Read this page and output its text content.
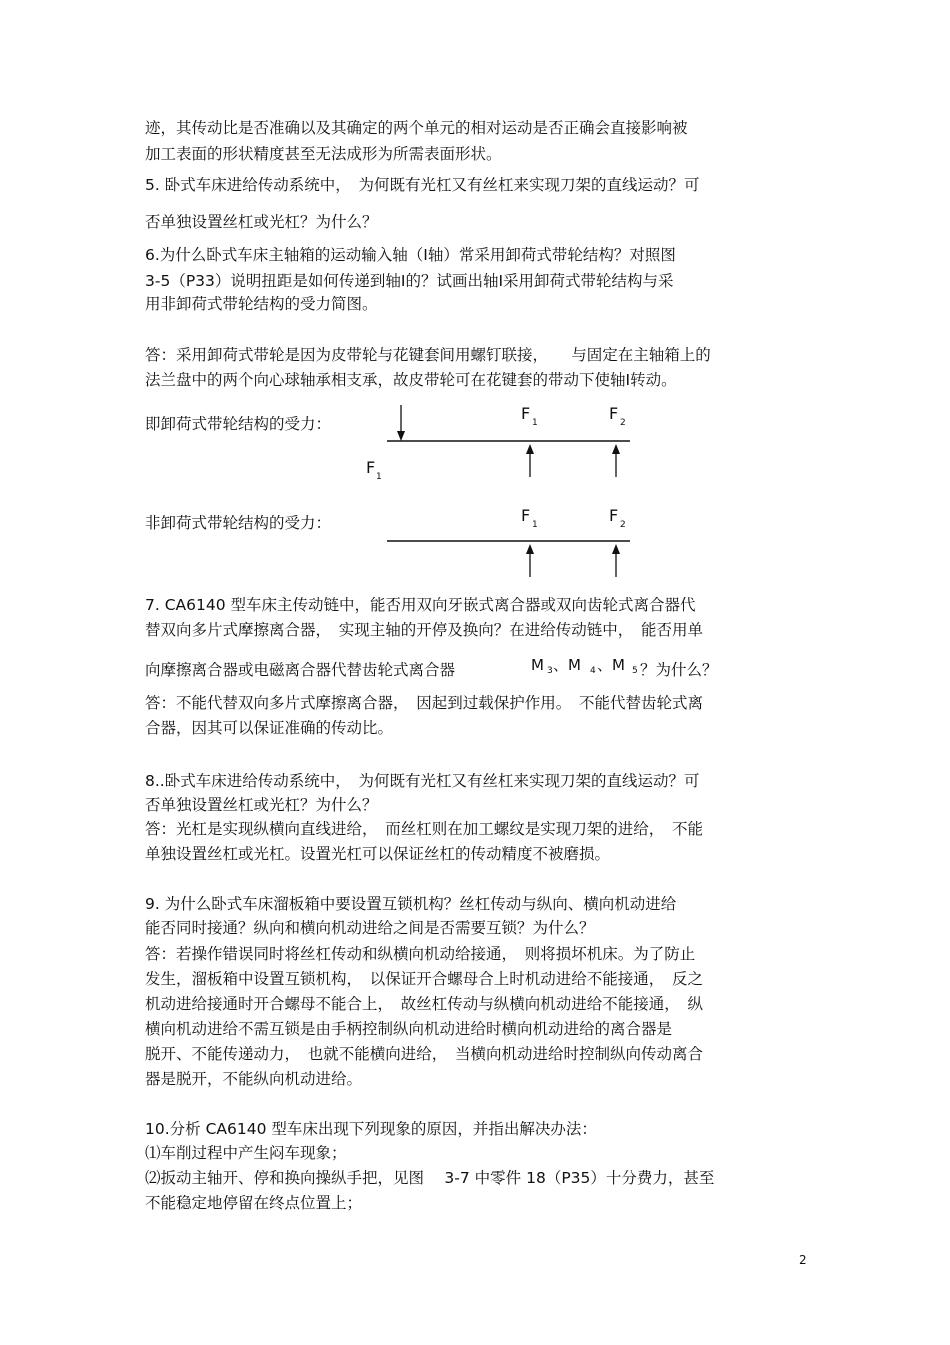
迹，其传动比是否准确以及其确定的两个单元的相对运动是否正确会直接影响被
加工表面的形状精度甚至无法成形为所需表面形状。
5. 卧式车床进给传动系统中，　为何既有光杠又有丝杠来实现刀架的直线运动？可
否单独设置丝杠或光杠？为什么？
6.为什么卧式车床主轴箱的运动输入轴（Ⅰ轴）常采用卸荷式带轮结构？对照图
3-5（P33）说明扭距是如何传递到轴Ⅰ的？试画出轴Ⅰ采用卸荷式带轮结构与采
用非卸荷式带轮结构的受力简图。
答：采用卸荷式带轮是因为皮带轮与花键套间用螺钉联接，　　与固定在主轴箱上的
法兰盘中的两个向心球轴承相支承，故皮带轮可在花键套的带动下使轴Ⅰ转动。
即卸荷式带轮结构的受力：
非卸荷式带轮结构的受力：
F 1	F 2
F 1
F 1	F 2
7. CA6140 型车床主传动链中，能否用双向牙嵌式离合器或双向齿轮式离合器代
替双向多片式摩擦离合器，　实现主轴的开停及换向？在进给传动链中，　能否用单
向摩擦离合器或电磁离合器代替齿轮式离合器	M 3 、M 4 、M 5 ？为什么？
答：不能代替双向多片式摩擦离合器，　因起到过载保护作用。　不能代替齿轮式离
合器，因其可以保证准确的传动比。
8..卧式车床进给传动系统中，　为何既有光杠又有丝杠来实现刀架的直线运动？可
否单独设置丝杠或光杠？为什么？
答：光杠是实现纵横向直线进给，　而丝杠则在加工螺纹是实现刀架的进给，　不能
单独设置丝杠或光杠。设置光杠可以保证丝杠的传动精度不被磨损。
9. 为什么卧式车床溜板箱中要设置互锁机构？丝杠传动与纵向、横向机动进给
能否同时接通？纵向和横向机动进给之间是否需要互锁？为什么？
答：若操作错误同时将丝杠传动和纵横向机动给接通，　则将损坏机床。为了防止
发生，溜板箱中设置互锁机构，　以保证开合螺母合上时机动进给不能接通，　反之
机动进给接通时开合螺母不能合上，　故丝杠传动与纵横向机动进给不能接通，　纵
横向机动进给不需互锁是由手柄控制纵向机动进给时横向机动进给的离合器是
脱开、不能传递动力，　也就不能横向进给，　当横向机动进给时控制纵向传动离合
器是脱开，不能纵向机动进给。
10.分析 CA6140 型车床出现下列现象的原因，并指出解决办法：
⑴车削过程中产生闷车现象；
⑵扳动主轴开、停和换向操纵手把，见图　 3-7 中零件 18（P35）十分费力，甚至
不能稳定地停留在终点位置上；
2
